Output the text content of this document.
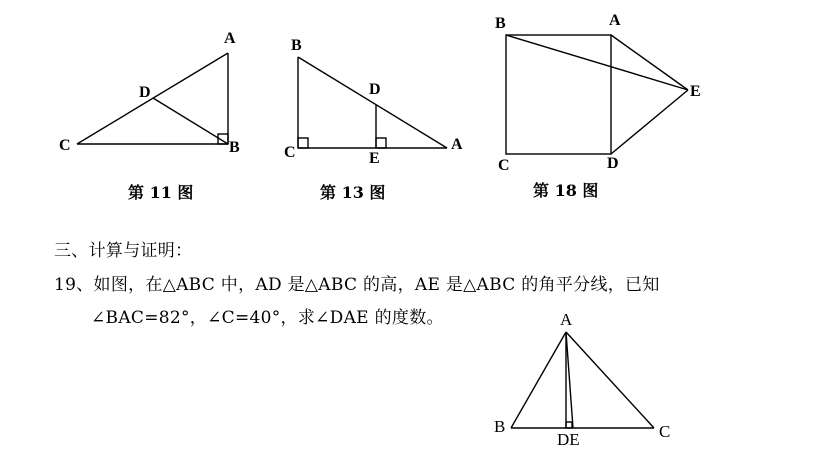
A
D
C	B
B
D
C	E
A
B	A
E
C	D
A
B	C
DE
第 11 图	第 13 图	第 18 图
三、计算与证明：
19、如图，在△ABC 中，AD 是△ABC 的高，AE 是△ABC 的角平分线，已知
∠BAC=82°，∠C=40°，求∠DAE 的度数。
